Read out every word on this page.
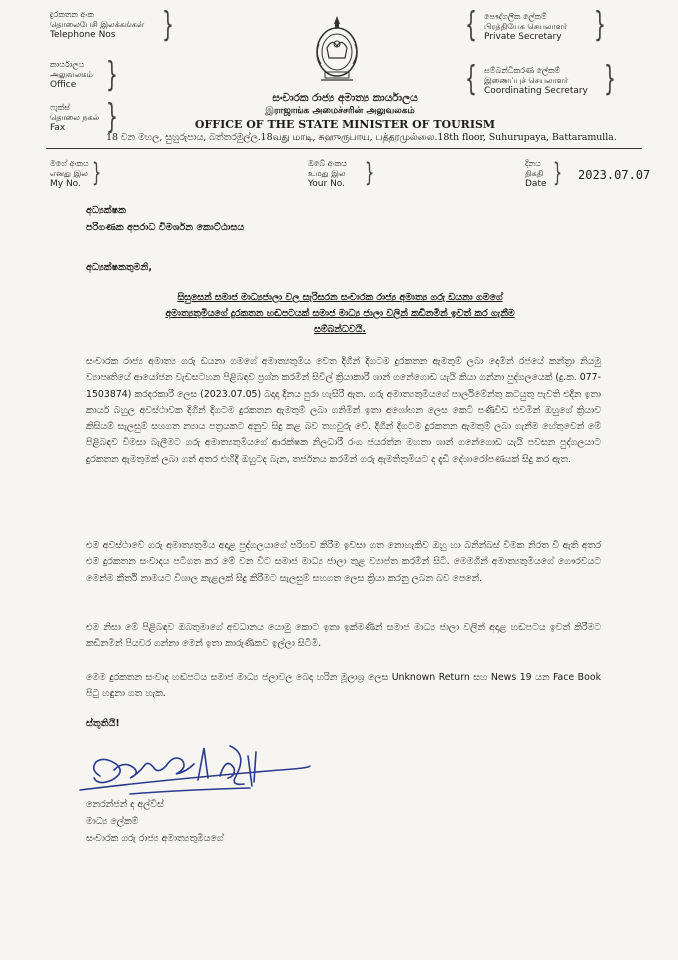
දුරකතන අංක
தொலைபேசி இலக்கங்கள்
Telephone Nos	}
කාර්යාලය
அலுவலகம்
Office }
ෆැක්ස්
தொலை நகல்
Fax	}
{ පෞද්ගලික ලේකම්
பிரத்தியேக செயலாளர்
Private Secretary }
{ සම්බන්ධීකරණ ලේකම්
இணைப்புச் செயலாளர்
Coordinating Secretary }
සංචාරක රාජ්‍ය අමාත්‍ය කාර්යාලය
இராஜாங்க அமைச்சரின் அலுவலகம்
OFFICE OF THE STATE MINISTER OF TOURISM
18 වන මහල, සුහුරුපාය, බත්තරමුල්ල.18வது மாடி, சுஹுருபாய, பத்தரமுல்லை.18th floor, Suhurupaya, Battaramulla.
මගේ අංකය
எனது இல
My No. }	ඔබේ අංකය
உமது இல
Your No. }	දිනය
திகதி
Date } 2023.07.07
අධ්‍යක්ෂක
පරිගණක අපරාධ විමර්ශන කොට්ඨාසය
අධ්‍යක්ෂකතුමනි,
සිසුසෙන් සමාජ මාධ්‍යජාලා වල සැරිසරන සංචාරක රාජ්‍ය අමාත්‍ය ගරු ඩයනා ගමගේ
අමාත්‍යතුමියගේ දුරකතන හඬපටයක් සමාජ මාධ්‍ය ජාලා වලින් කඩිනමින් ඉවත් කර ගැනීම
සම්බන්ධවයි.
සංචාරක රාජ්‍ය අමාත්‍ය ගරු ඩයනා ගමගේ අමාත්‍යතුමිය වෙත දිගින් දිගටම දුරකතන ඇමතුම් ලබා දෙමින් රජයේ කන්ත්‍රා නියමු ව්‍යාපෘතියේ ආයෝජන වැඩසටහන පිළිබඳව ප්‍රශ්න කරමින් සිවිල් ක්‍රියාකාරී ශාන් ගනේගොඩ යැයි කියා ගන්නා පුද්ගලයෙක් (දු.ක. 077-1503874) කරදරකාරී ලෙස (2023.07.05) බදාදා දිනය පුරා හැසිරී ඇත. ගරු අමාත්‍යතුමියගේ පාර්ලිමේන්තු කටයුතු පැවති එදින ඉතා කාර්ය බහුල අවස්ථාවක දිගින් දිගටම දුරකතන ඇමතුම් ලබා ගනිමින් ඉතා අශෝභන ලෙස කෙටි පණිවිඩ එවමින් ඔහුගේ ක්‍රියාව කිසියම් සැලසුම් සහගත න්‍යාය පත්‍රයකට අනුව සිදු කළ බව තහවුරු වේ. දිගින් දිගටම දුරකතන ඇමතුම් ලබා ගැනීම හේතුවෙන් මේ පිළිබඳව විමසා බැලීමට ගරු අමාත්‍යතුමියගේ ආරක්ෂක නිලධාරී රංග ජයරත්න මහතා ශාන් ගනේගොඩ යැයි පවසන පුද්ගලයාට දුරකතන ඇමතුමක් ලබා ගත් අතර එහිදී ඔහුටද බැන, තර්ජනය කරමින් ගරු ඇමතිතුමියට ද දැඩි දේශාරෝපණයක් සිදු කර ඇත.
එම අවස්ථාවේ ගරු අමාත්‍යතුමිය අදාළ පුද්ගලයාගේ පරිහව කිරීම ඉවසා ගත නොහැකිව ඔහු හා බනින්බස් විමක නිරත වී ඇති අතර එම දුරකතන සංවාදය පටිගත කර මේ වන විට සමාජ මාධ්‍ය ජාලා තුළ ව්‍යාප්ත කරමින් සිටී. මෙමගින් අමාත්‍යතුමියගේ ගෞරවයට මෙන්ම කීර්ති නාමයට විශාල කැළලක් සිදු කිරීමට සැලසුම් සහගත ලෙස ක්‍රියා කරනු ලබන බව පෙනේ.
එම නිසා මේ පිළිබඳව ඔබතුමාගේ අවධානය යොමු කොට ඉතා ඉක්මණින් සමාජ මාධ්‍ය ජාලා වලින් අදාළ හඬපටය ඉවත් කිරීමට කඩිනමින් පියවර ගන්නා මෙන් ඉතා කාරුණිකව ඉල්ලා සිටිමි.
මෙම දුරකතන සංවාද හඬපටය සමාජ මාධ්‍ය ජලාවල බෙදා හරින මූලාශ්‍ර ලෙස Unknown Return සහ News 19 යන Face Book පිටු හඳුනා ගත හැක.
ස්තූතියි!
නෙරන්ජන් ද අල්විස්
මාධ්‍ය ලේකම්
සංචාරක ගරු රාජ්‍ය අමාත්‍යතුමියගේ
